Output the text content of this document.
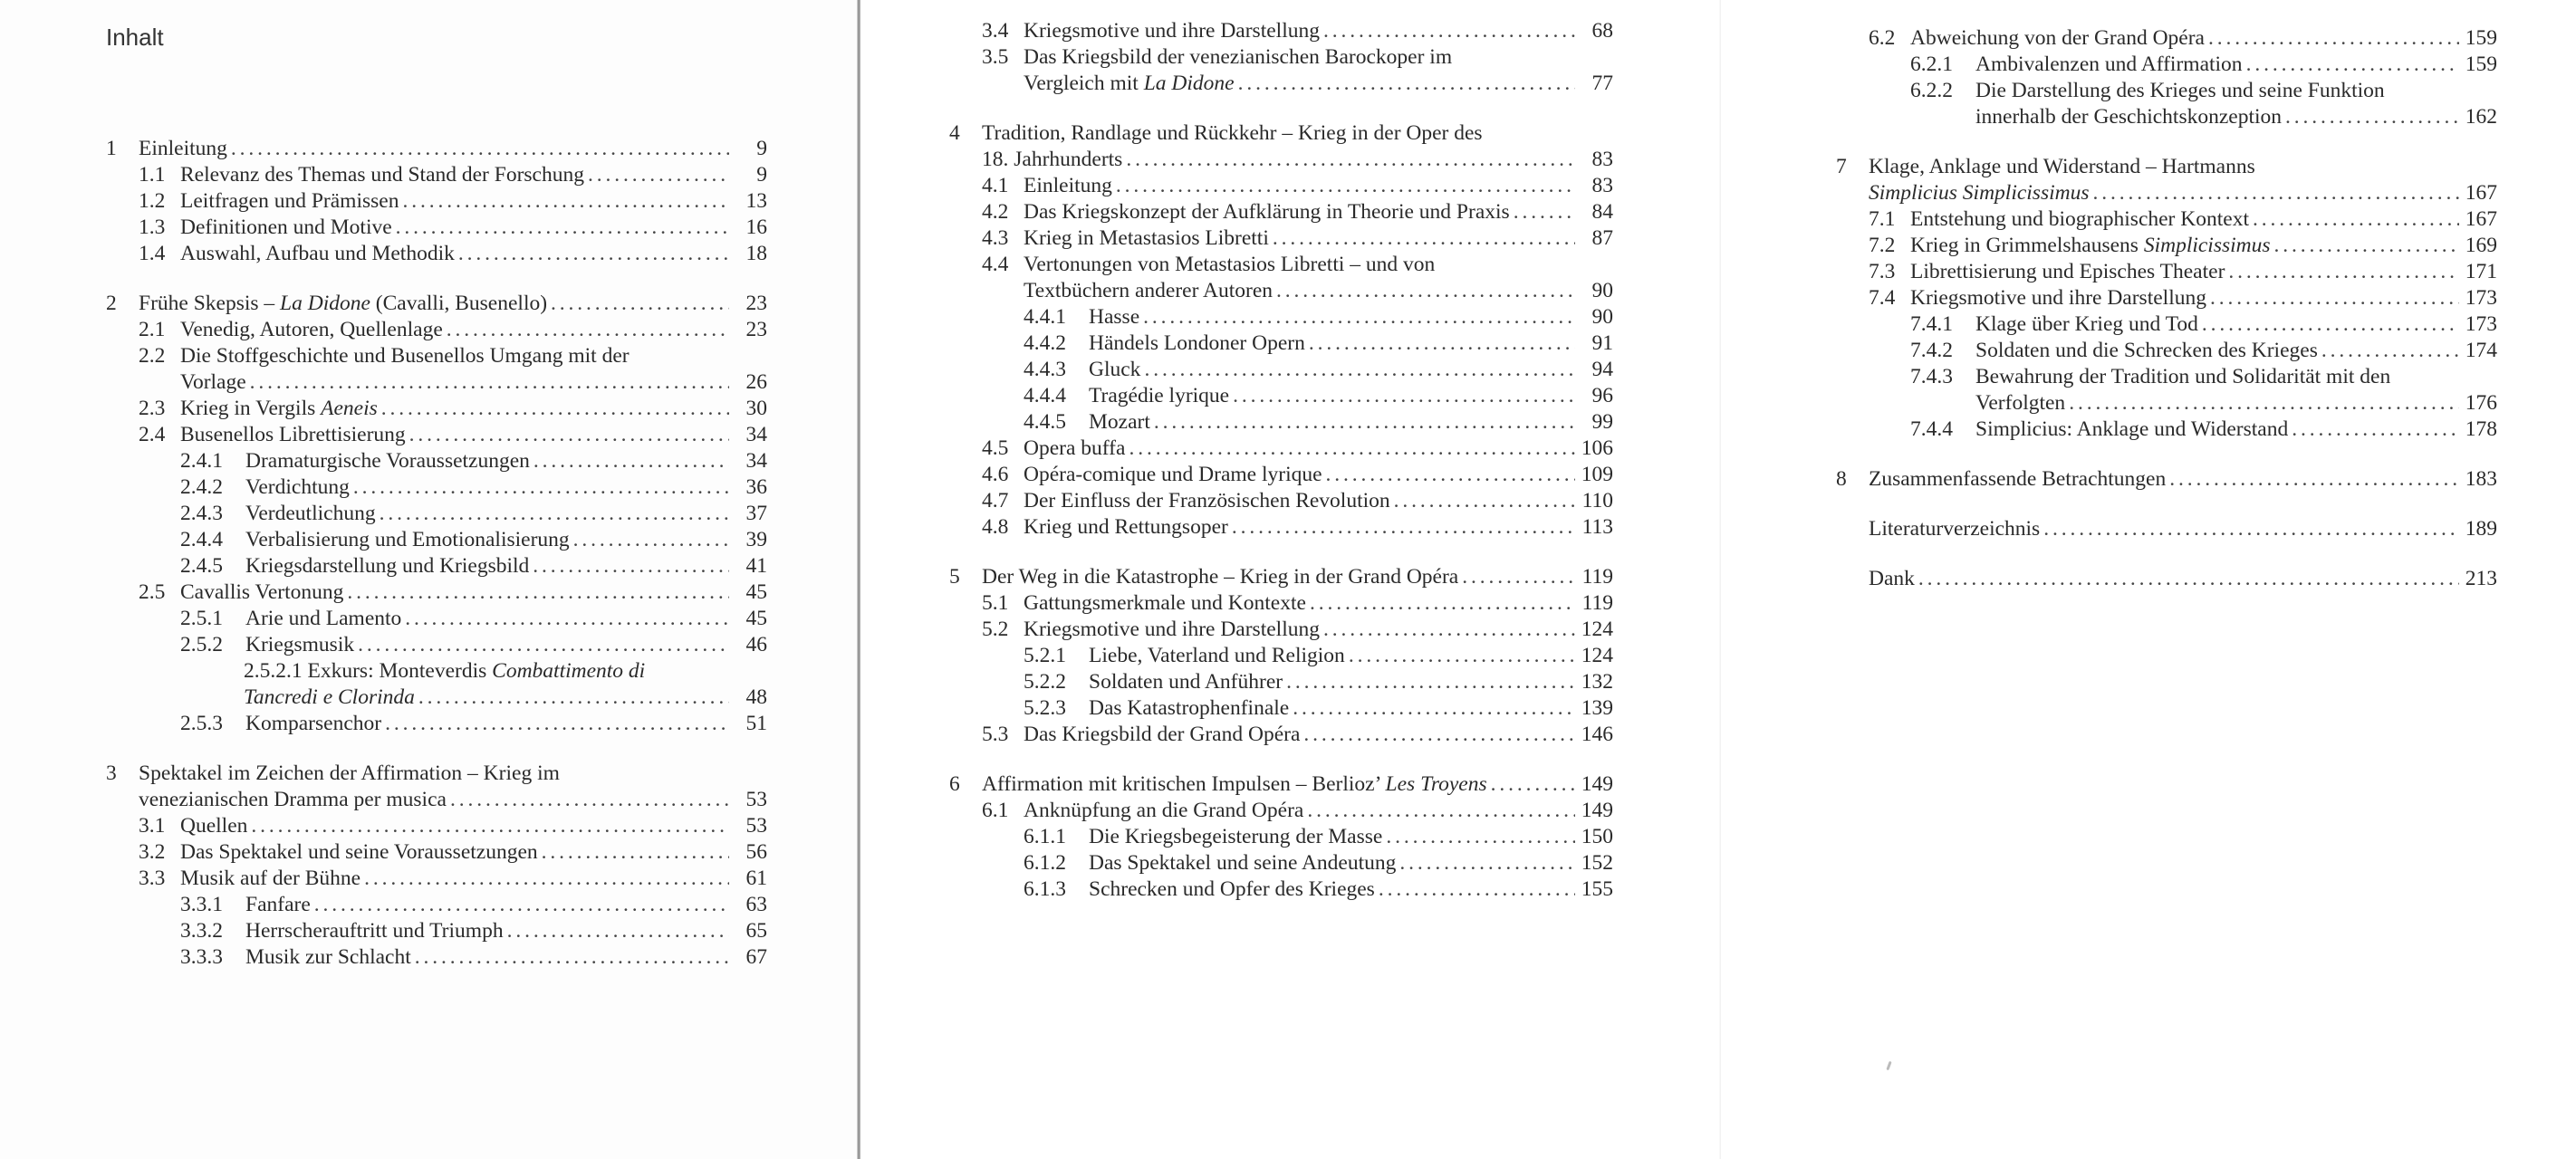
Inhalt
1	Einleitung . . .	9
1.1 Relevanz des Themas und Stand der Forschung . . .	9
1.2 Leitfragen und Prämissen . . .	13
1.3 Definitionen und Motive . . .	16
1.4 Auswahl, Aufbau und Methodik . . .	18
2	Frühe Skepsis – La Didone (Cavalli, Busenello) . . .	23
2.1 Venedig, Autoren, Quellenlage . . .	23
2.2 Die Stoffgeschichte und Busenellos Umgang mit der
Vorlage . . .	26
2.3 Krieg in Vergils Aeneis . . .	30
2.4 Busenellos Librettisierung . . .	34
2.4.1	Dramaturgische Voraussetzungen . . .	34
2.4.2	Verdichtung . . .	36
2.4.3	Verdeutlichung . . .	37
2.4.4	Verbalisierung und Emotionalisierung . . .	39
2.4.5	Kriegsdarstellung und Kriegsbild . . .	41
2.5 Cavallis Vertonung . . .	45
2.5.1	Arie und Lamento . . .	45
2.5.2	Kriegsmusik . . .	46
2.5.2.1 Exkurs: Monteverdis Combattimento di
Tancredi e Clorinda . . .	48
2.5.3	Komparsenchor . . .	51
3	Spektakel im Zeichen der Affirmation – Krieg im
venezianischen Dramma per musica . . .	53
3.1 Quellen . . .	53
3.2 Das Spektakel und seine Voraussetzungen . . .	56
3.3 Musik auf der Bühne . . .	61
3.3.1	Fanfare . . .	63
3.3.2	Herrscherauftritt und Triumph . . .	65
3.3.3	Musik zur Schlacht . . .	67
3.4 Kriegsmotive und ihre Darstellung . . .	68
3.5 Das Kriegsbild der venezianischen Barockoper im
Vergleich mit La Didone . . .	77
4	Tradition, Randlage und Rückkehr – Krieg in der Oper des
18. Jahrhunderts . . .	83
4.1 Einleitung . . .	83
4.2 Das Kriegskonzept der Aufklärung in Theorie und Praxis . . .	84
4.3 Krieg in Metastasios Libretti . . .	87
4.4 Vertonungen von Metastasios Libretti – und von
Textbüchern anderer Autoren . . .	90
4.4.1	Hasse . . .	90
4.4.2	Händels Londoner Opern . . .	91
4.4.3	Gluck . . .	94
4.4.4	Tragédie lyrique . . .	96
4.4.5	Mozart . . .	99
4.5 Opera buffa . . .	106
4.6 Opéra-comique und Drame lyrique . . .	109
4.7 Der Einfluss der Französischen Revolution . . .	110
4.8 Krieg und Rettungsoper . . .	113
5	Der Weg in die Katastrophe – Krieg in der Grand Opéra . . .	119
5.1 Gattungsmerkmale und Kontexte . . .	119
5.2 Kriegsmotive und ihre Darstellung . . .	124
5.2.1	Liebe, Vaterland und Religion . . .	124
5.2.2	Soldaten und Anführer . . .	132
5.2.3	Das Katastrophenfinale . . .	139
5.3 Das Kriegsbild der Grand Opéra . . .	146
6	Affirmation mit kritischen Impulsen – Berlioz’ Les Troyens . . .	149
6.1 Anknüpfung an die Grand Opéra . . .	149
6.1.1	Die Kriegsbegeisterung der Masse . . .	150
6.1.2	Das Spektakel und seine Andeutung . . .	152
6.1.3	Schrecken und Opfer des Krieges . . .	155
6.2 Abweichung von der Grand Opéra . . .	159
6.2.1	Ambivalenzen und Affirmation . . .	159
6.2.2	Die Darstellung des Krieges und seine Funktion
innerhalb der Geschichtskonzeption . . .	162
7	Klage, Anklage und Widerstand – Hartmanns
Simplicius Simplicissimus . . .	167
7.1 Entstehung und biographischer Kontext . . .	167
7.2 Krieg in Grimmelshausens Simplicissimus . . .	169
7.3 Librettisierung und Episches Theater . . .	171
7.4 Kriegsmotive und ihre Darstellung . . .	173
7.4.1	Klage über Krieg und Tod . . .	173
7.4.2	Soldaten und die Schrecken des Krieges . . .	174
7.4.3	Bewahrung der Tradition und Solidarität mit den
Verfolgten . . .	176
7.4.4	Simplicius: Anklage und Widerstand . . .	178
8	Zusammenfassende Betrachtungen . . .	183
Literaturverzeichnis . . .	189
Dank . . .	213
